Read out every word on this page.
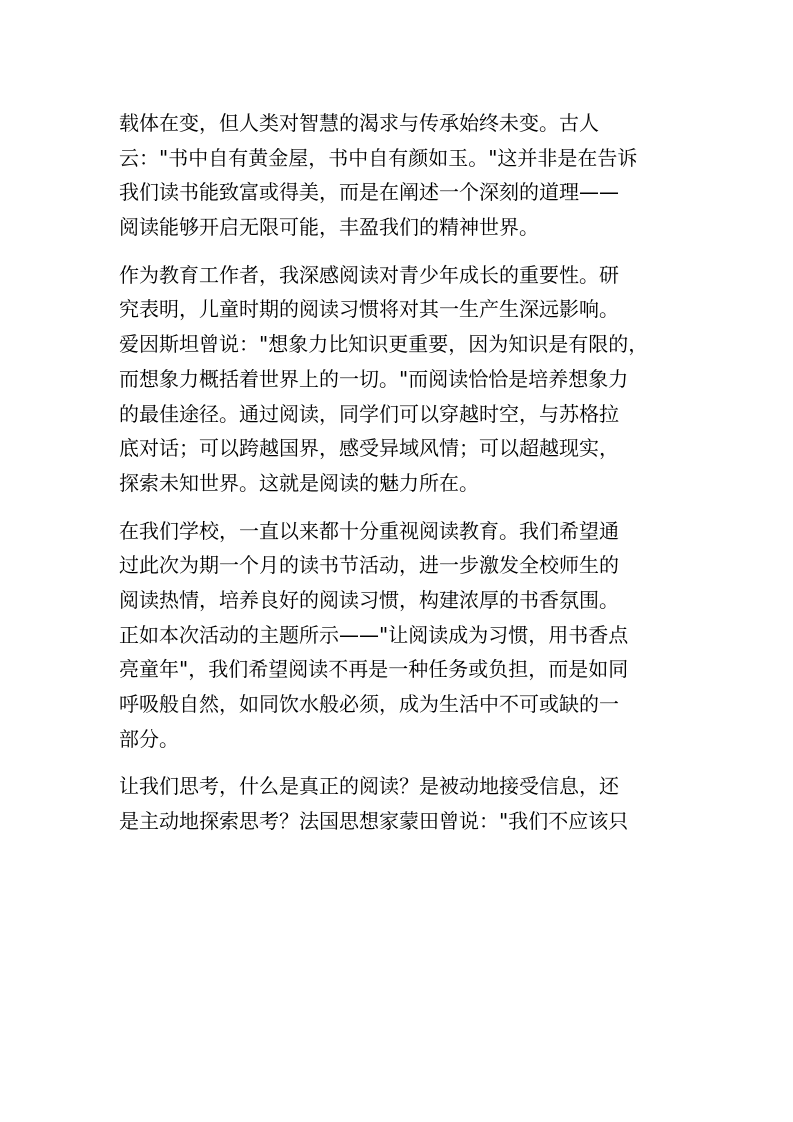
载体在变，但人类对智慧的渴求与传承始终未变。古人
云："书中自有黄金屋，书中自有颜如玉。"这并非是在告诉
我们读书能致富或得美，而是在阐述一个深刻的道理——
阅读能够开启无限可能，丰盈我们的精神世界。
作为教育工作者，我深感阅读对青少年成长的重要性。研
究表明，儿童时期的阅读习惯将对其一生产生深远影响。
爱因斯坦曾说："想象力比知识更重要，因为知识是有限的，
而想象力概括着世界上的一切。"而阅读恰恰是培养想象力
的最佳途径。通过阅读，同学们可以穿越时空，与苏格拉
底对话；可以跨越国界，感受异域风情；可以超越现实，
探索未知世界。这就是阅读的魅力所在。
在我们学校，一直以来都十分重视阅读教育。我们希望通
过此次为期一个月的读书节活动，进一步激发全校师生的
阅读热情，培养良好的阅读习惯，构建浓厚的书香氛围。
正如本次活动的主题所示——"让阅读成为习惯，用书香点
亮童年"，我们希望阅读不再是一种任务或负担，而是如同
呼吸般自然，如同饮水般必须，成为生活中不可或缺的一
部分。
让我们思考，什么是真正的阅读？是被动地接受信息，还
是主动地探索思考？法国思想家蒙田曾说："我们不应该只
